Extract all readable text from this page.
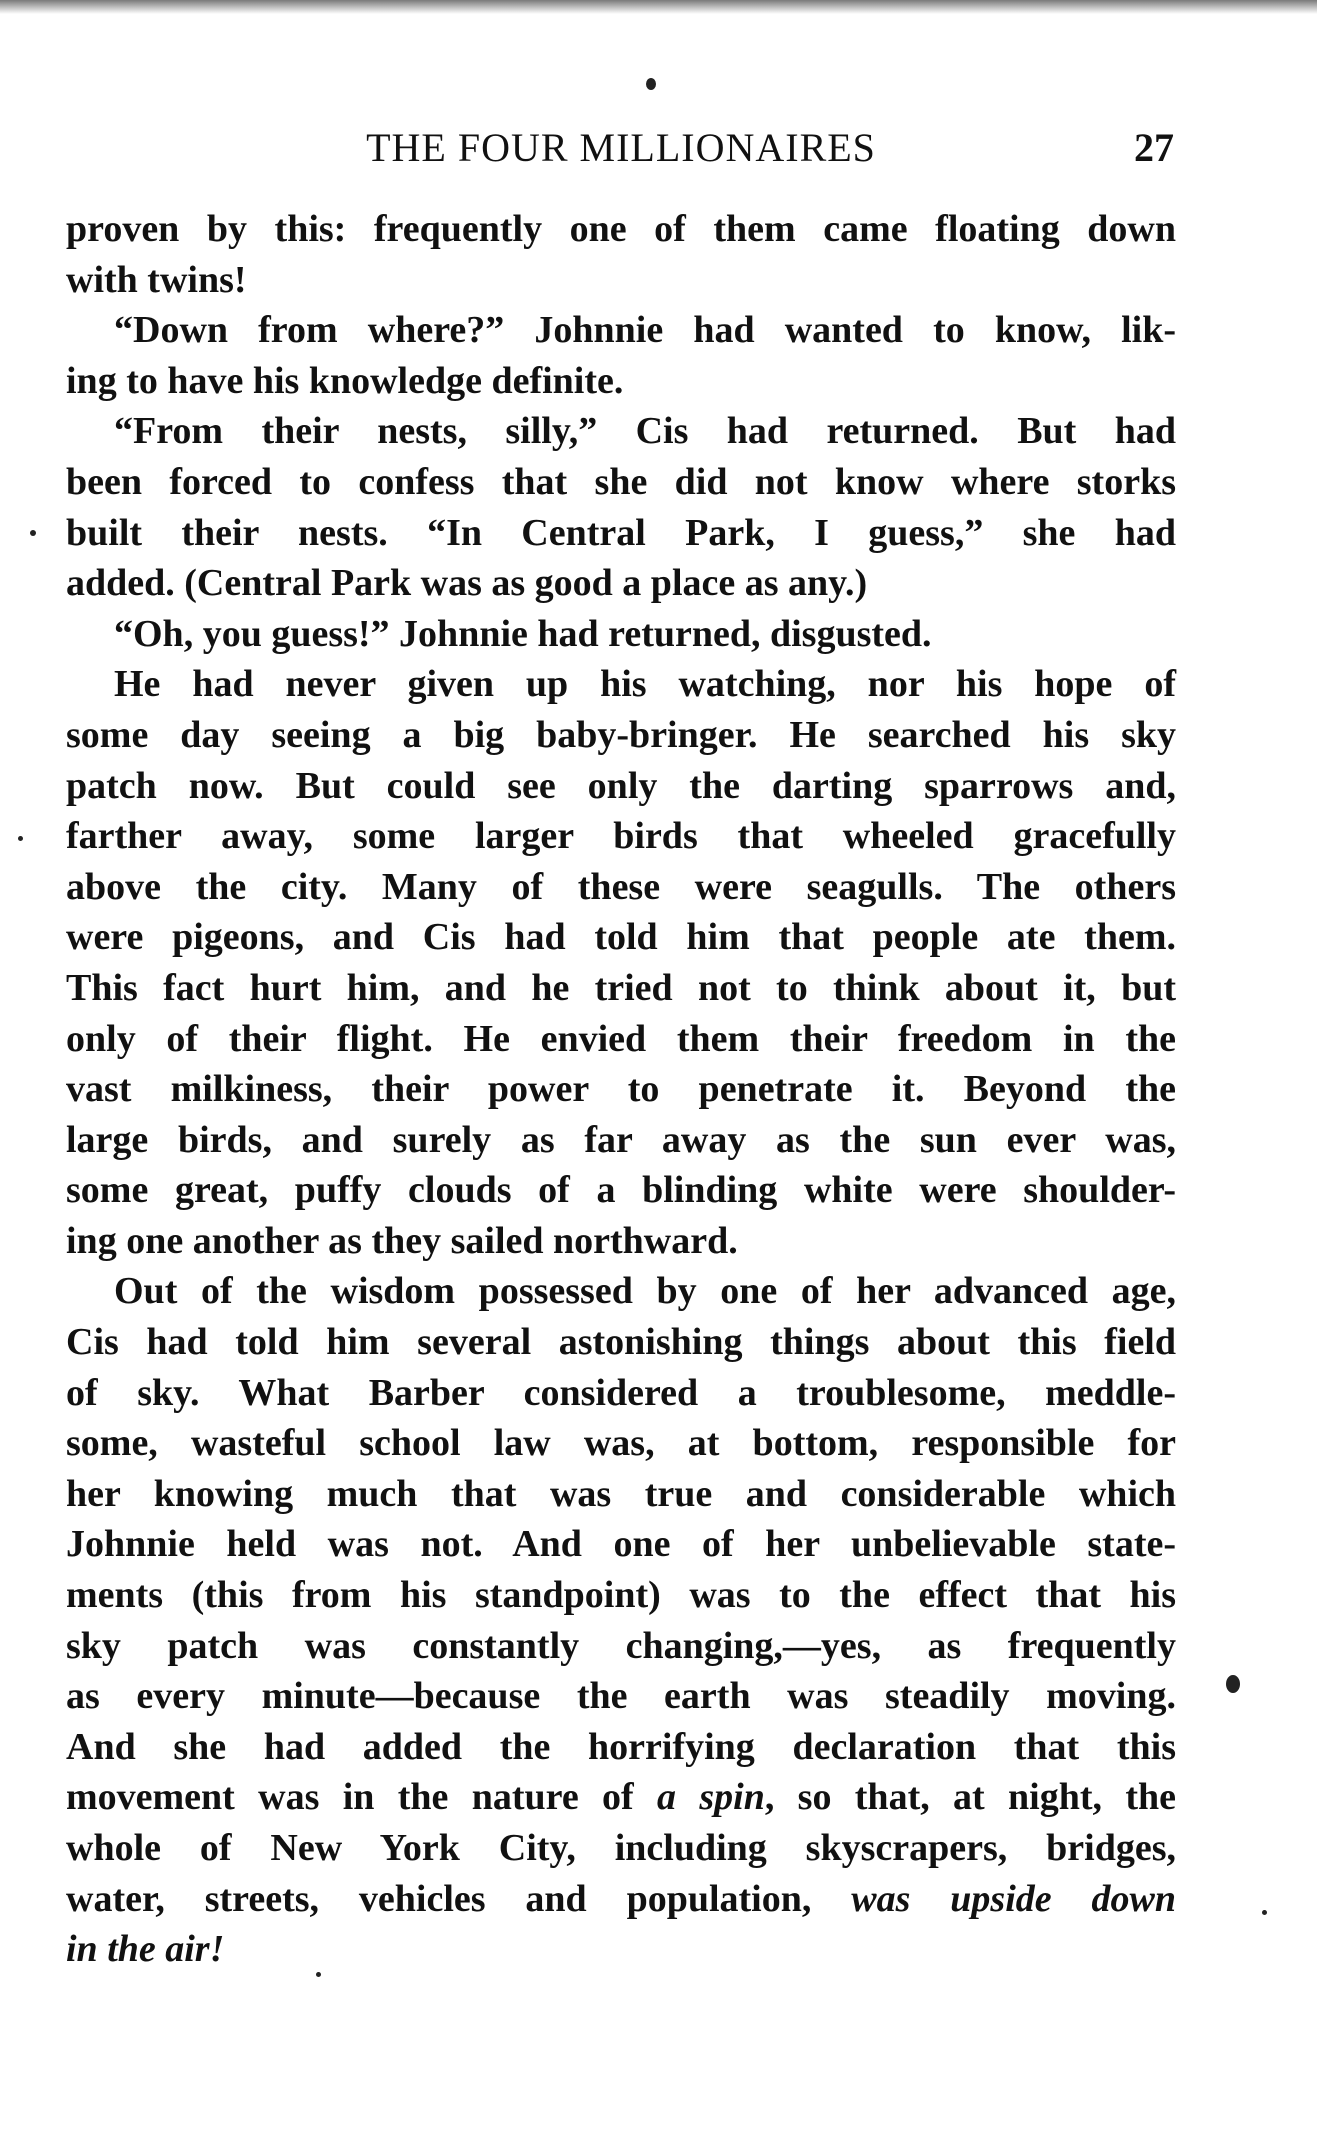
THE FOUR MILLIONAIRES	27
proven by this: frequently one of them came floating down
with twins!
“Down from where?” Johnnie had wanted to know, lik-
ing to have his knowledge definite.
“From their nests, silly,” Cis had returned. But had
been forced to confess that she did not know where storks
built their nests. “In Central Park, I guess,” she had
added. (Central Park was as good a place as any.)
“Oh, you guess!” Johnnie had returned, disgusted.
He had never given up his watching, nor his hope of
some day seeing a big baby-bringer. He searched his sky
patch now. But could see only the darting sparrows and,
farther away, some larger birds that wheeled gracefully
above the city. Many of these were seagulls. The others
were pigeons, and Cis had told him that people ate them.
This fact hurt him, and he tried not to think about it, but
only of their flight. He envied them their freedom in the
vast milkiness, their power to penetrate it. Beyond the
large birds, and surely as far away as the sun ever was,
some great, puffy clouds of a blinding white were shoulder-
ing one another as they sailed northward.
Out of the wisdom possessed by one of her advanced age,
Cis had told him several astonishing things about this field
of sky. What Barber considered a troublesome, meddle-
some, wasteful school law was, at bottom, responsible for
her knowing much that was true and considerable which
Johnnie held was not. And one of her unbelievable state-
ments (this from his standpoint) was to the effect that his
sky patch was constantly changing,—yes, as frequently
as every minute—because the earth was steadily moving.
And she had added the horrifying declaration that this
movement was in the nature of a spin, so that, at night, the
whole of New York City, including skyscrapers, bridges,
water, streets, vehicles and population, was upside down
in the air!
